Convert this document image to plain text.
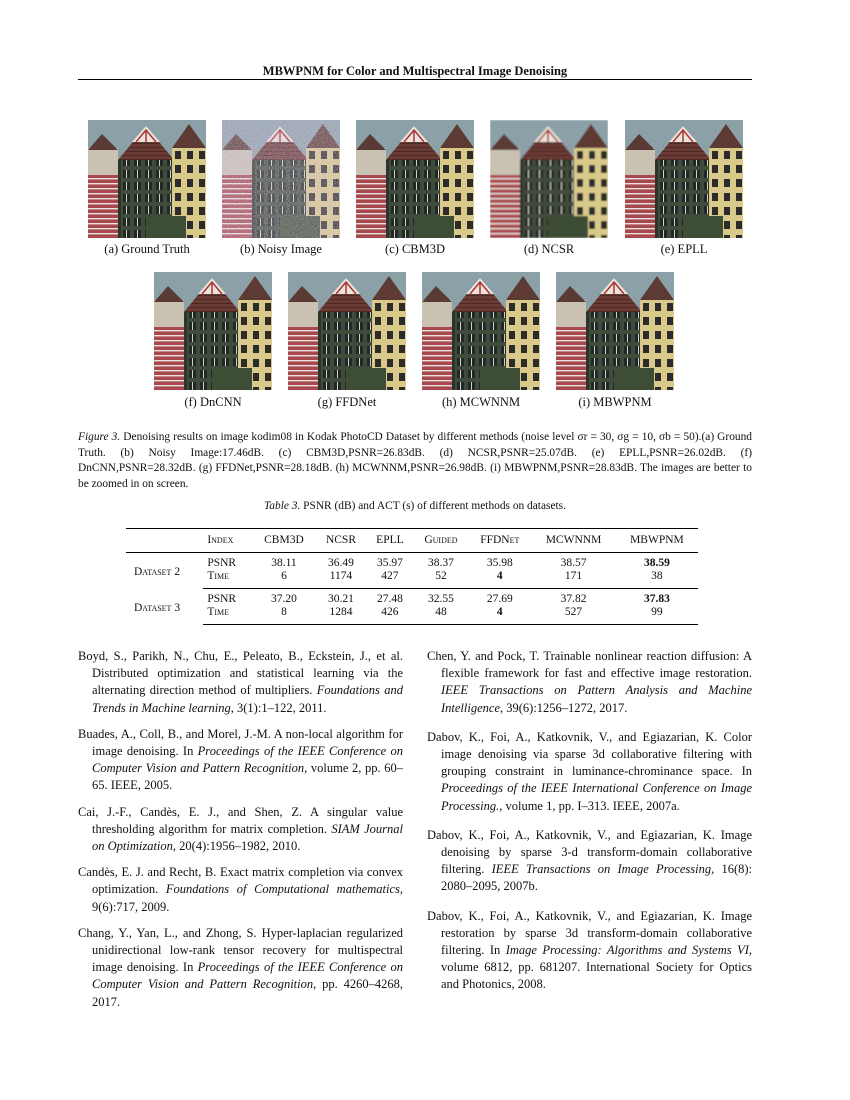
MBWPNM for Color and Multispectral Image Denoising
(a) Ground Truth	(b) Noisy Image	(c) CBM3D	(d) NCSR	(e) EPLL
(f) DnCNN	(g) FFDNet	(h) MCWNNM	(i) MBWPNM
Figure 3. Denoising results on image kodim08 in Kodak PhotoCD Dataset by different methods (noise level σr = 30, σg = 10, σb = 50).(a) Ground Truth. (b) Noisy Image:17.46dB. (c) CBM3D,PSNR=26.83dB. (d) NCSR,PSNR=25.07dB. (e) EPLL,PSNR=26.02dB. (f) DnCNN,PSNR=28.32dB. (g) FFDNet,PSNR=28.18dB. (h) MCWNNM,PSNR=26.98dB. (i) MBWPNM,PSNR=28.83dB. The images are better to be zoomed in on screen.
Table 3. PSNR (dB) and ACT (s) of different methods on datasets.
	Index	CBM3D	NCSR	EPLL	Guided	FFDNet	MCWNNM	MBWPNM
Dataset 2	PSNR	38.11	36.49	35.97	38.37	35.98	38.57	38.59
	Time	6	1174	427	52	4	171	38
Dataset 3	PSNR	37.20	30.21	27.48	32.55	27.69	37.82	37.83
	Time	8	1284	426	48	4	527	99

Boyd, S., Parikh, N., Chu, E., Peleato, B., Eckstein, J., et al. Distributed optimization and statistical learning via the alternating direction method of multipliers. Foundations and Trends in Machine learning, 3(1):1–122, 2011.

Buades, A., Coll, B., and Morel, J.-M. A non-local algorithm for image denoising. In Proceedings of the IEEE Conference on Computer Vision and Pattern Recognition, volume 2, pp. 60–65. IEEE, 2005.

Cai, J.-F., Candès, E. J., and Shen, Z. A singular value thresholding algorithm for matrix completion. SIAM Journal on Optimization, 20(4):1956–1982, 2010.

Candès, E. J. and Recht, B. Exact matrix completion via convex optimization. Foundations of Computational mathematics, 9(6):717, 2009.

Chang, Y., Yan, L., and Zhong, S. Hyper-laplacian regularized unidirectional low-rank tensor recovery for multispectral image denoising. In Proceedings of the IEEE Conference on Computer Vision and Pattern Recognition, pp. 4260–4268, 2017.

Chen, Y. and Pock, T. Trainable nonlinear reaction diffusion: A flexible framework for fast and effective image restoration. IEEE Transactions on Pattern Analysis and Machine Intelligence, 39(6):1256–1272, 2017.

Dabov, K., Foi, A., Katkovnik, V., and Egiazarian, K. Color image denoising via sparse 3d collaborative filtering with grouping constraint in luminance-chrominance space. In Proceedings of the IEEE International Conference on Image Processing., volume 1, pp. I–313. IEEE, 2007a.

Dabov, K., Foi, A., Katkovnik, V., and Egiazarian, K. Image denoising by sparse 3-d transform-domain collaborative filtering. IEEE Transactions on Image Processing, 16(8): 2080–2095, 2007b.

Dabov, K., Foi, A., Katkovnik, V., and Egiazarian, K. Image restoration by sparse 3d transform-domain collaborative filtering. In Image Processing: Algorithms and Systems VI, volume 6812, pp. 681207. International Society for Optics and Photonics, 2008.
